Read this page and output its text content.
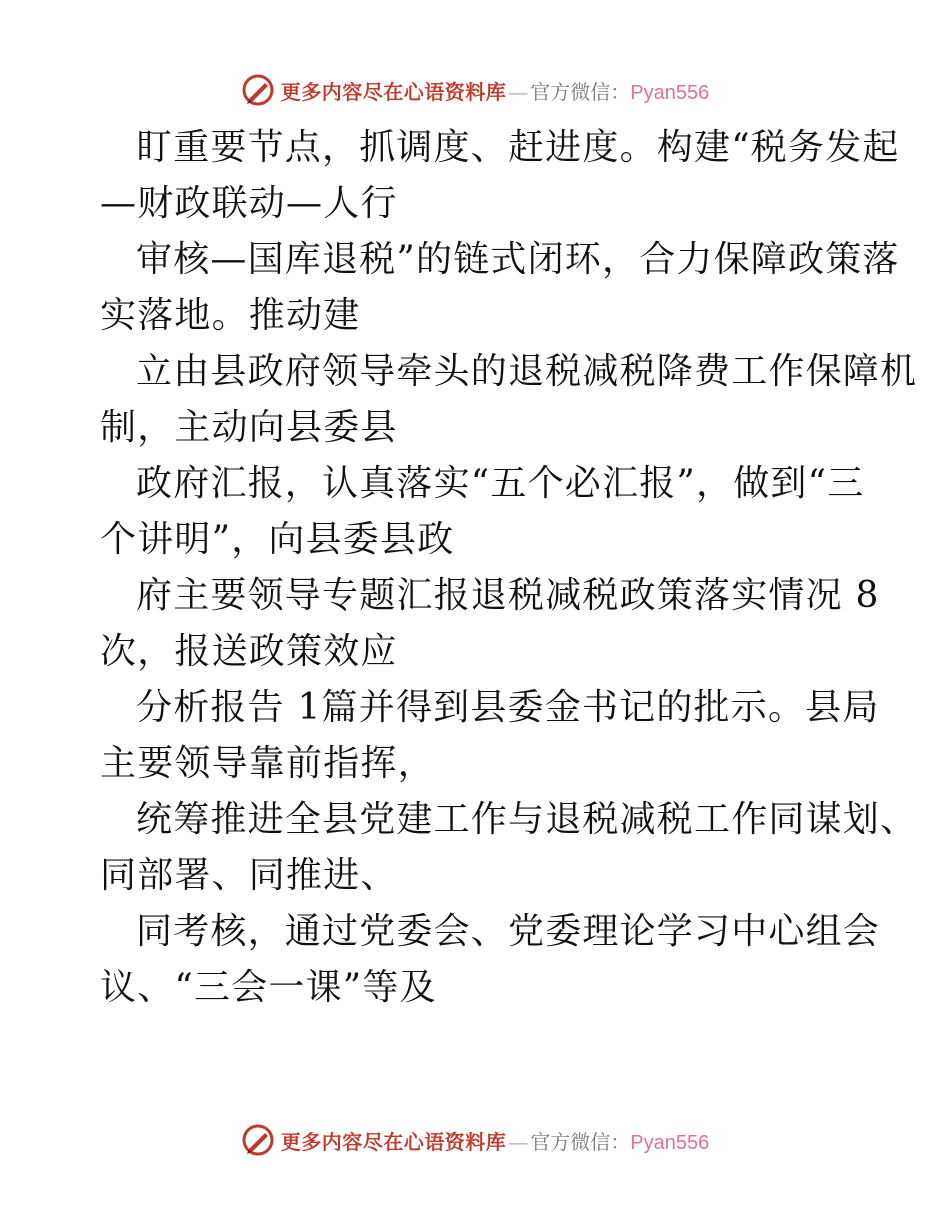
更多内容尽在心语资料库 — 官方微信： Pyan556

盯重要节点，抓调度、赶进度。构建“税务发起
—财政联动—人行

审核—国库退税”的链式闭环，合力保障政策落
实落地。推动建

立由县政府领导牵头的退税减税降费工作保障机
制，主动向县委县

政府汇报，认真落实“五个必汇报”，做到“三
个讲明”，向县委县政

府主要领导专题汇报退税减税政策落实情况 8
次，报送政策效应

分析报告 1篇并得到县委金书记的批示。县局
主要领导靠前指挥，

统筹推进全县党建工作与退税减税工作同谋划、
同部署、同推进、

同考核，通过党委会、党委理论学习中心组会
议、“三会一课”等及

更多内容尽在心语资料库 — 官方微信： Pyan556
